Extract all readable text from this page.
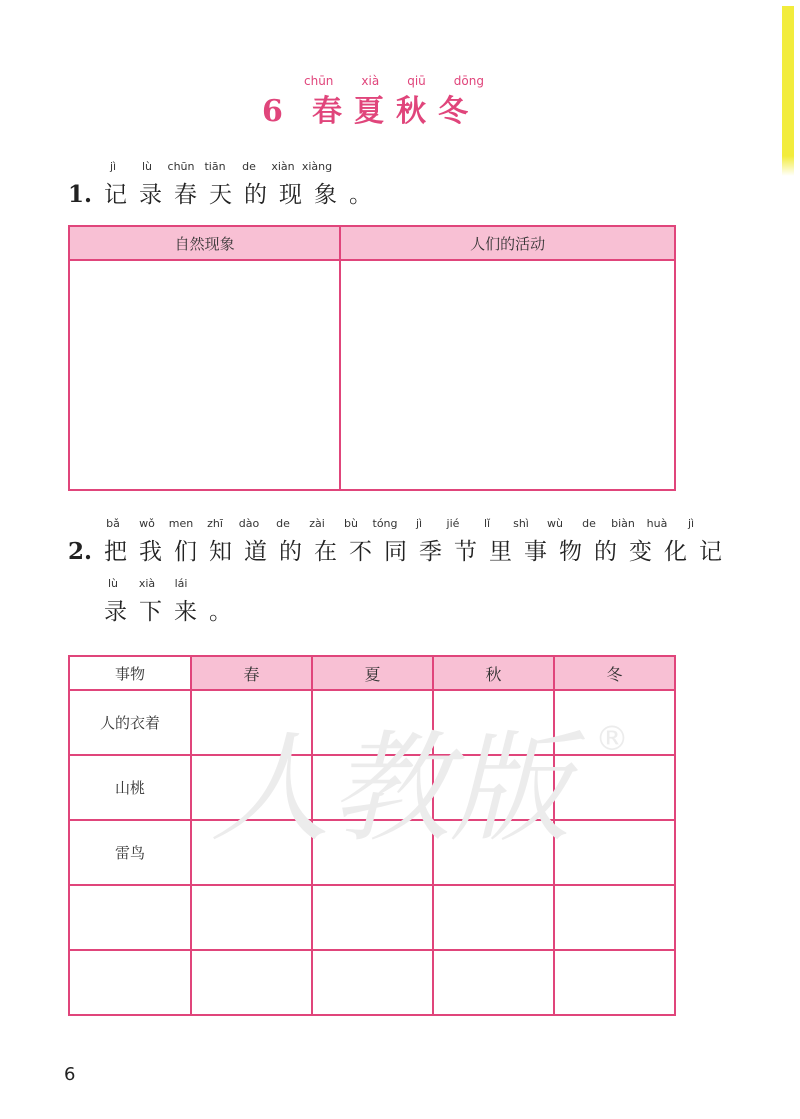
chūn xià qiū dōng
6 春夏秋冬
jì	lù	chūn tiān	de	xiàn xiàng
1. 记录春天的现象。
自然现象	人们的活动

bǎ	wǒ	men	zhī	dào	de	zài	bù	tóng	jì	jié	lǐ	shì	wù	de	biàn	huà	jì
2. 把我们知道的在不同季节里事物的变化记
lù	xià	lái
录下来。
事物	春	夏	秋	冬
人的衣着				
山桃				
雷鸟				

				人教版 ®
6
